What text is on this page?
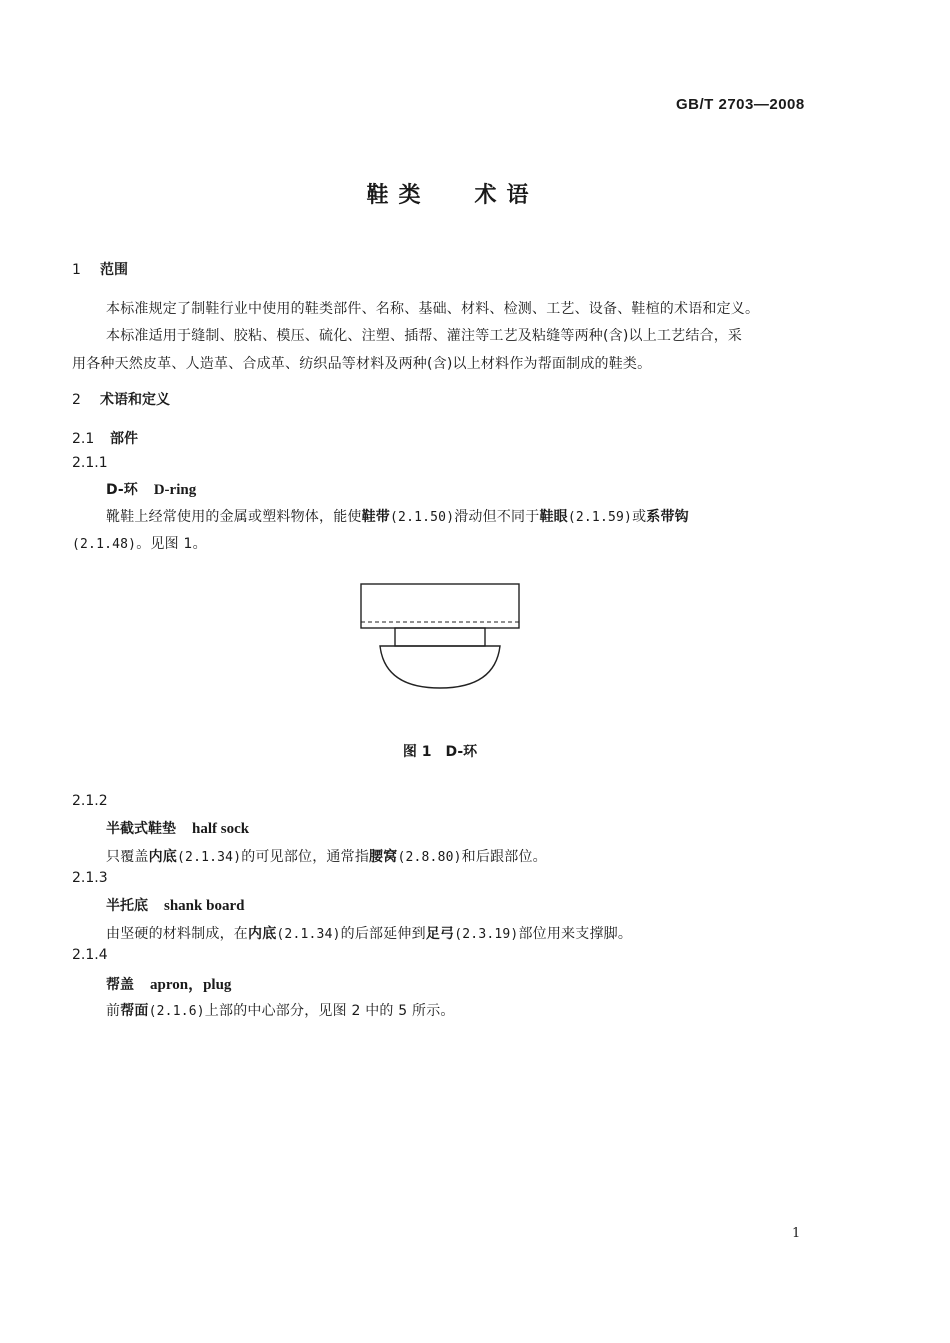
GB/T 2703—2008
鞋类 术语
1 范围
本标准规定了制鞋行业中使用的鞋类部件、名称、基础、材料、检测、工艺、设备、鞋楦的术语和定义。
本标准适用于缝制、胶粘、模压、硫化、注塑、插帮、灌注等工艺及粘缝等两种(含)以上工艺结合，采
用各种天然皮革、人造革、合成革、纺织品等材料及两种(含)以上材料作为帮面制成的鞋类。
2 术语和定义
2.1 部件
2.1.1
D-环 D-ring
靴鞋上经常使用的金属或塑料物体，能使鞋带(2.1.50)滑动但不同于鞋眼(2.1.59)或系带钩
(2.1.48)。见图 1。
图 1 D-环
2.1.2
半截式鞋垫 half sock
只覆盖内底(2.1.34)的可见部位，通常指腰窝(2.8.80)和后跟部位。
2.1.3
半托底 shank board
由坚硬的材料制成，在内底(2.1.34)的后部延伸到足弓(2.3.19)部位用来支撑脚。
2.1.4
帮盖 apron，plug
前帮面(2.1.6)上部的中心部分，见图 2 中的 5 所示。
1
